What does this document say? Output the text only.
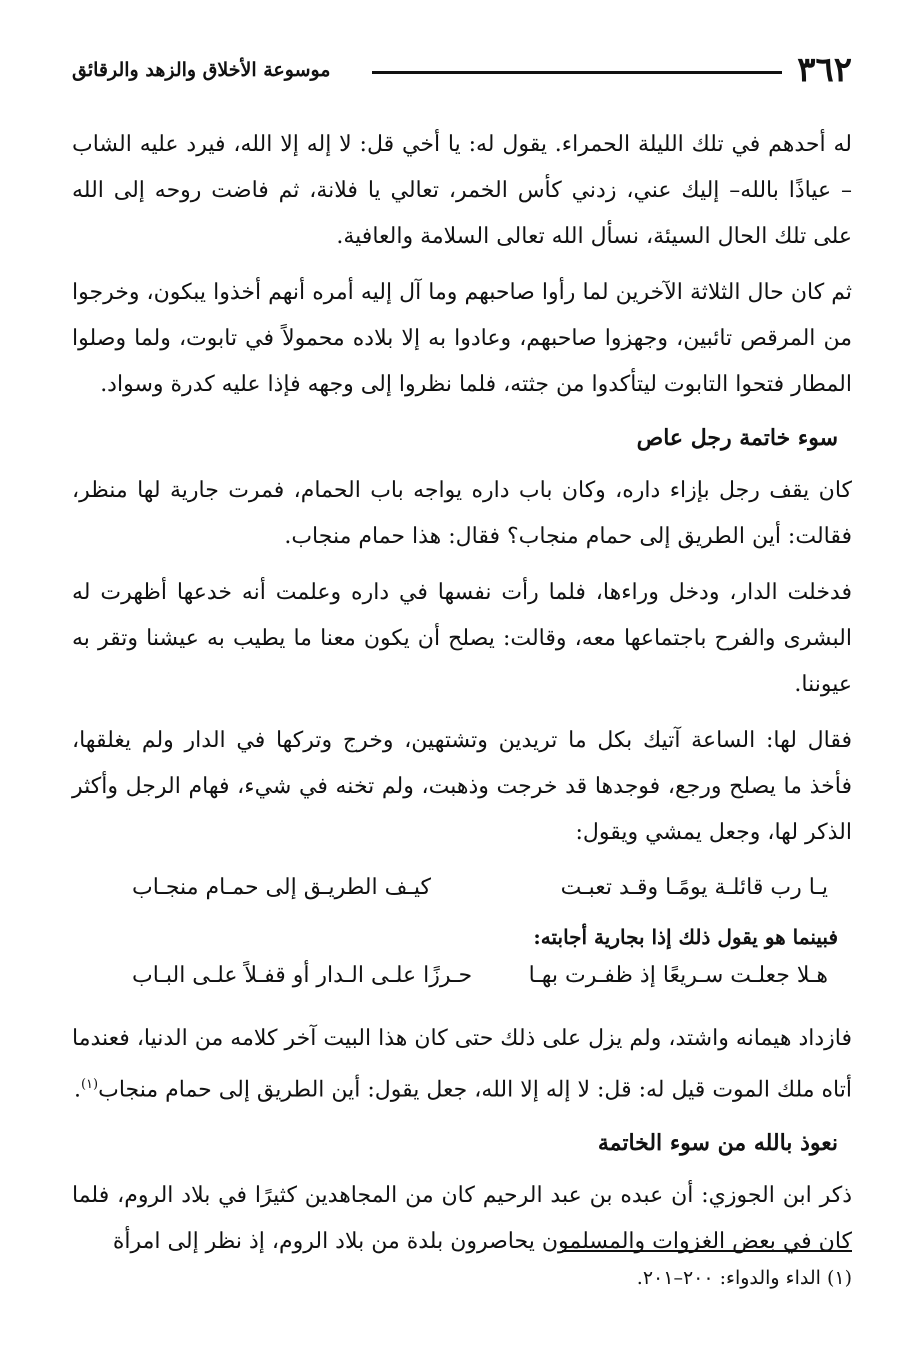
٣٦٢
موسوعة الأخلاق والزهد والرقائق

له أحدهم في تلك الليلة الحمراء. يقول له: يا أخي قل: لا إله إلا الله، فيرد عليه الشاب – عياذًا بالله– إليك عني، زدني كأس الخمر، تعالي يا فلانة، ثم فاضت روحه إلى الله على تلك الحال السيئة، نسأل الله تعالى السلامة والعافية.

ثم كان حال الثلاثة الآخرين لما رأوا صاحبهم وما آل إليه أمره أنهم أخذوا يبكون، وخرجوا من المرقص تائبين، وجهزوا صاحبهم، وعادوا به إلا بلاده محمولاً في تابوت، ولما وصلوا المطار فتحوا التابوت ليتأكدوا من جثته، فلما نظروا إلى وجهه فإذا عليه كدرة وسواد.

سوء خاتمة رجل عاص

كان يقف رجل بإزاء داره، وكان باب داره يواجه باب الحمام، فمرت جارية لها منظر، فقالت: أين الطريق إلى حمام منجاب؟ فقال: هذا حمام منجاب.

فدخلت الدار، ودخل وراءها، فلما رأت نفسها في داره وعلمت أنه خدعها أظهرت له البشرى والفرح باجتماعها معه، وقالت: يصلح أن يكون معنا ما يطيب به عيشنا وتقر به عيوننا.

فقال لها: الساعة آتيك بكل ما تريدين وتشتهين، وخرج وتركها في الدار ولم يغلقها، فأخذ ما يصلح ورجع، فوجدها قد خرجت وذهبت، ولم تخنه في شيء، فهام الرجل وأكثر الذكر لها، وجعل يمشي ويقول:

يـا رب قائلـة يومًـا وقـد تعبـت
كيـف الطريـق إلى حمـام منجـاب
فبينما هو يقول ذلك إذا بجارية أجابته:
هـلا جعلـت سـريعًا إذ ظفـرت بهـا
حـرزًا علـى الـدار أو قفـلاً علـى البـاب

فازداد هيمانه واشتد، ولم يزل على ذلك حتى كان هذا البيت آخر كلامه من الدنيا، فعندما أتاه ملك الموت قيل له: قل: لا إله إلا الله، جعل يقول: أين الطريق إلى حمام منجاب$^{(١)}$.

نعوذ بالله من سوء الخاتمة

ذكر ابن الجوزي: أن عبده بن عبد الرحيم كان من المجاهدين كثيرًا في بلاد الروم، فلما كان في بعض الغزوات والمسلمون يحاصرون بلدة من بلاد الروم، إذ نظر إلى امرأة

(١) الداء والدواء: ٢٠٠–٢٠١.
